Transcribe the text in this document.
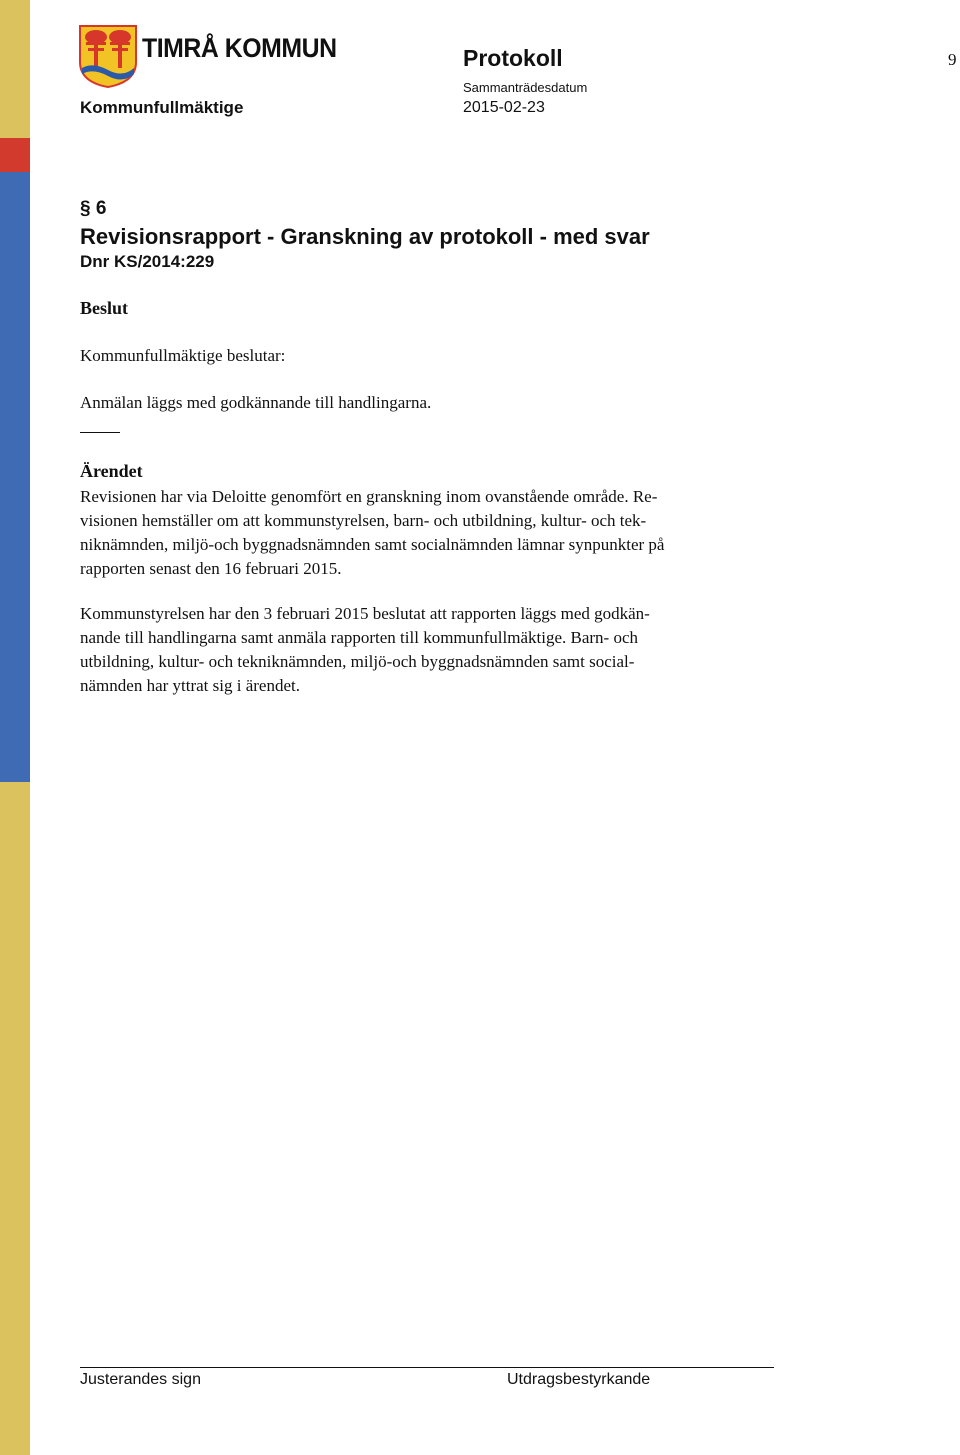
TIMRÅ KOMMUN
Kommunfullmäktige
Protokoll
Sammanträdesdatum
2015-02-23
9
§ 6
Revisionsrapport - Granskning av protokoll - med svar
Dnr KS/2014:229
Beslut
Kommunfullmäktige beslutar:
Anmälan läggs med godkännande till handlingarna.
Ärendet
Revisionen har via Deloitte genomfört en granskning inom ovanstående område. Re-
visionen hemställer om att kommunstyrelsen, barn- och utbildning, kultur- och tek-
niknämnden, miljö-och byggnadsnämnden samt socialnämnden lämnar synpunkter på
rapporten senast den 16 februari 2015.
Kommunstyrelsen har den 3 februari 2015 beslutat att rapporten läggs med godkän-
nande till handlingarna samt anmäla rapporten till kommunfullmäktige. Barn- och
utbildning, kultur- och tekniknämnden, miljö-och byggnadsnämnden samt social-
nämnden har yttrat sig i ärendet.
Justerandes sign	Utdragsbestyrkande
